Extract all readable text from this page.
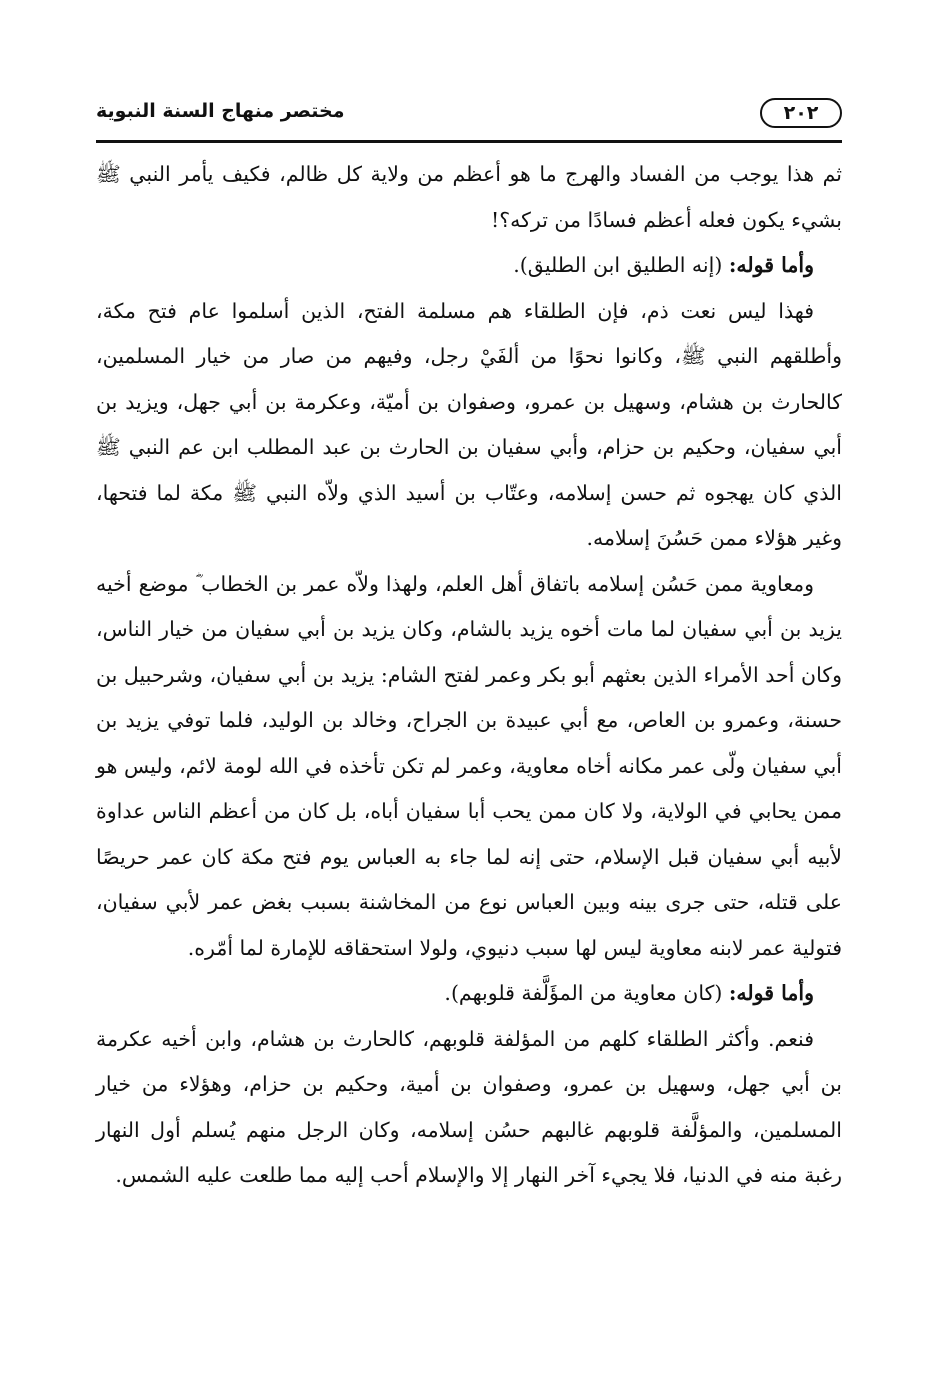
٢٠٢
مختصر منهاج السنة النبوية

ثم هذا يوجب من الفساد والهرج ما هو أعظم من ولاية كل ظالم، فكيف يأمر النبي ﷺ بشيء يكون فعله أعظم فسادًا من تركه؟!

وأما قوله: (إنه الطليق ابن الطليق).

فهذا ليس نعت ذم، فإن الطلقاء هم مسلمة الفتح، الذين أسلموا عام فتح مكة، وأطلقهم النبي ﷺ، وكانوا نحوًا من ألفَيْ رجل، وفيهم من صار من خيار المسلمين، كالحارث بن هشام، وسهيل بن عمرو، وصفوان بن أميّة، وعكرمة بن أبي جهل، ويزيد بن أبي سفيان، وحكيم بن حزام، وأبي سفيان بن الحارث بن عبد المطلب ابن عم النبي ﷺ الذي كان يهجوه ثم حسن إسلامه، وعتّاب بن أسيد الذي ولاّه النبي ﷺ مكة لما فتحها، وغير هؤلاء ممن حَسُنَ إسلامه.

ومعاوية ممن حَسُن إسلامه باتفاق أهل العلم، ولهذا ولاّه عمر بن الخطاب ؓ موضع أخيه يزيد بن أبي سفيان لما مات أخوه يزيد بالشام، وكان يزيد بن أبي سفيان من خيار الناس، وكان أحد الأمراء الذين بعثهم أبو بكر وعمر لفتح الشام: يزيد بن أبي سفيان، وشرحبيل بن حسنة، وعمرو بن العاص، مع أبي عبيدة بن الجراح، وخالد بن الوليد، فلما توفي يزيد بن أبي سفيان ولّى عمر مكانه أخاه معاوية، وعمر لم تكن تأخذه في الله لومة لائم، وليس هو ممن يحابي في الولاية، ولا كان ممن يحب أبا سفيان أباه، بل كان من أعظم الناس عداوة لأبيه أبي سفيان قبل الإسلام، حتى إنه لما جاء به العباس يوم فتح مكة كان عمر حريصًا على قتله، حتى جرى بينه وبين العباس نوع من المخاشنة بسبب بغض عمر لأبي سفيان، فتولية عمر لابنه معاوية ليس لها سبب دنيوي، ولولا استحقاقه للإمارة لما أمّره.

وأما قوله: (كان معاوية من المؤَلَّفة قلوبهم).

فنعم. وأكثر الطلقاء كلهم من المؤلفة قلوبهم، كالحارث بن هشام، وابن أخيه عكرمة بن أبي جهل، وسهيل بن عمرو، وصفوان بن أمية، وحكيم بن حزام، وهؤلاء من خيار المسلمين، والمؤلَّفة قلوبهم غالبهم حسُن إسلامه، وكان الرجل منهم يُسلم أول النهار رغبة منه في الدنيا، فلا يجيء آخر النهار إلا والإسلام أحب إليه مما طلعت عليه الشمس.
